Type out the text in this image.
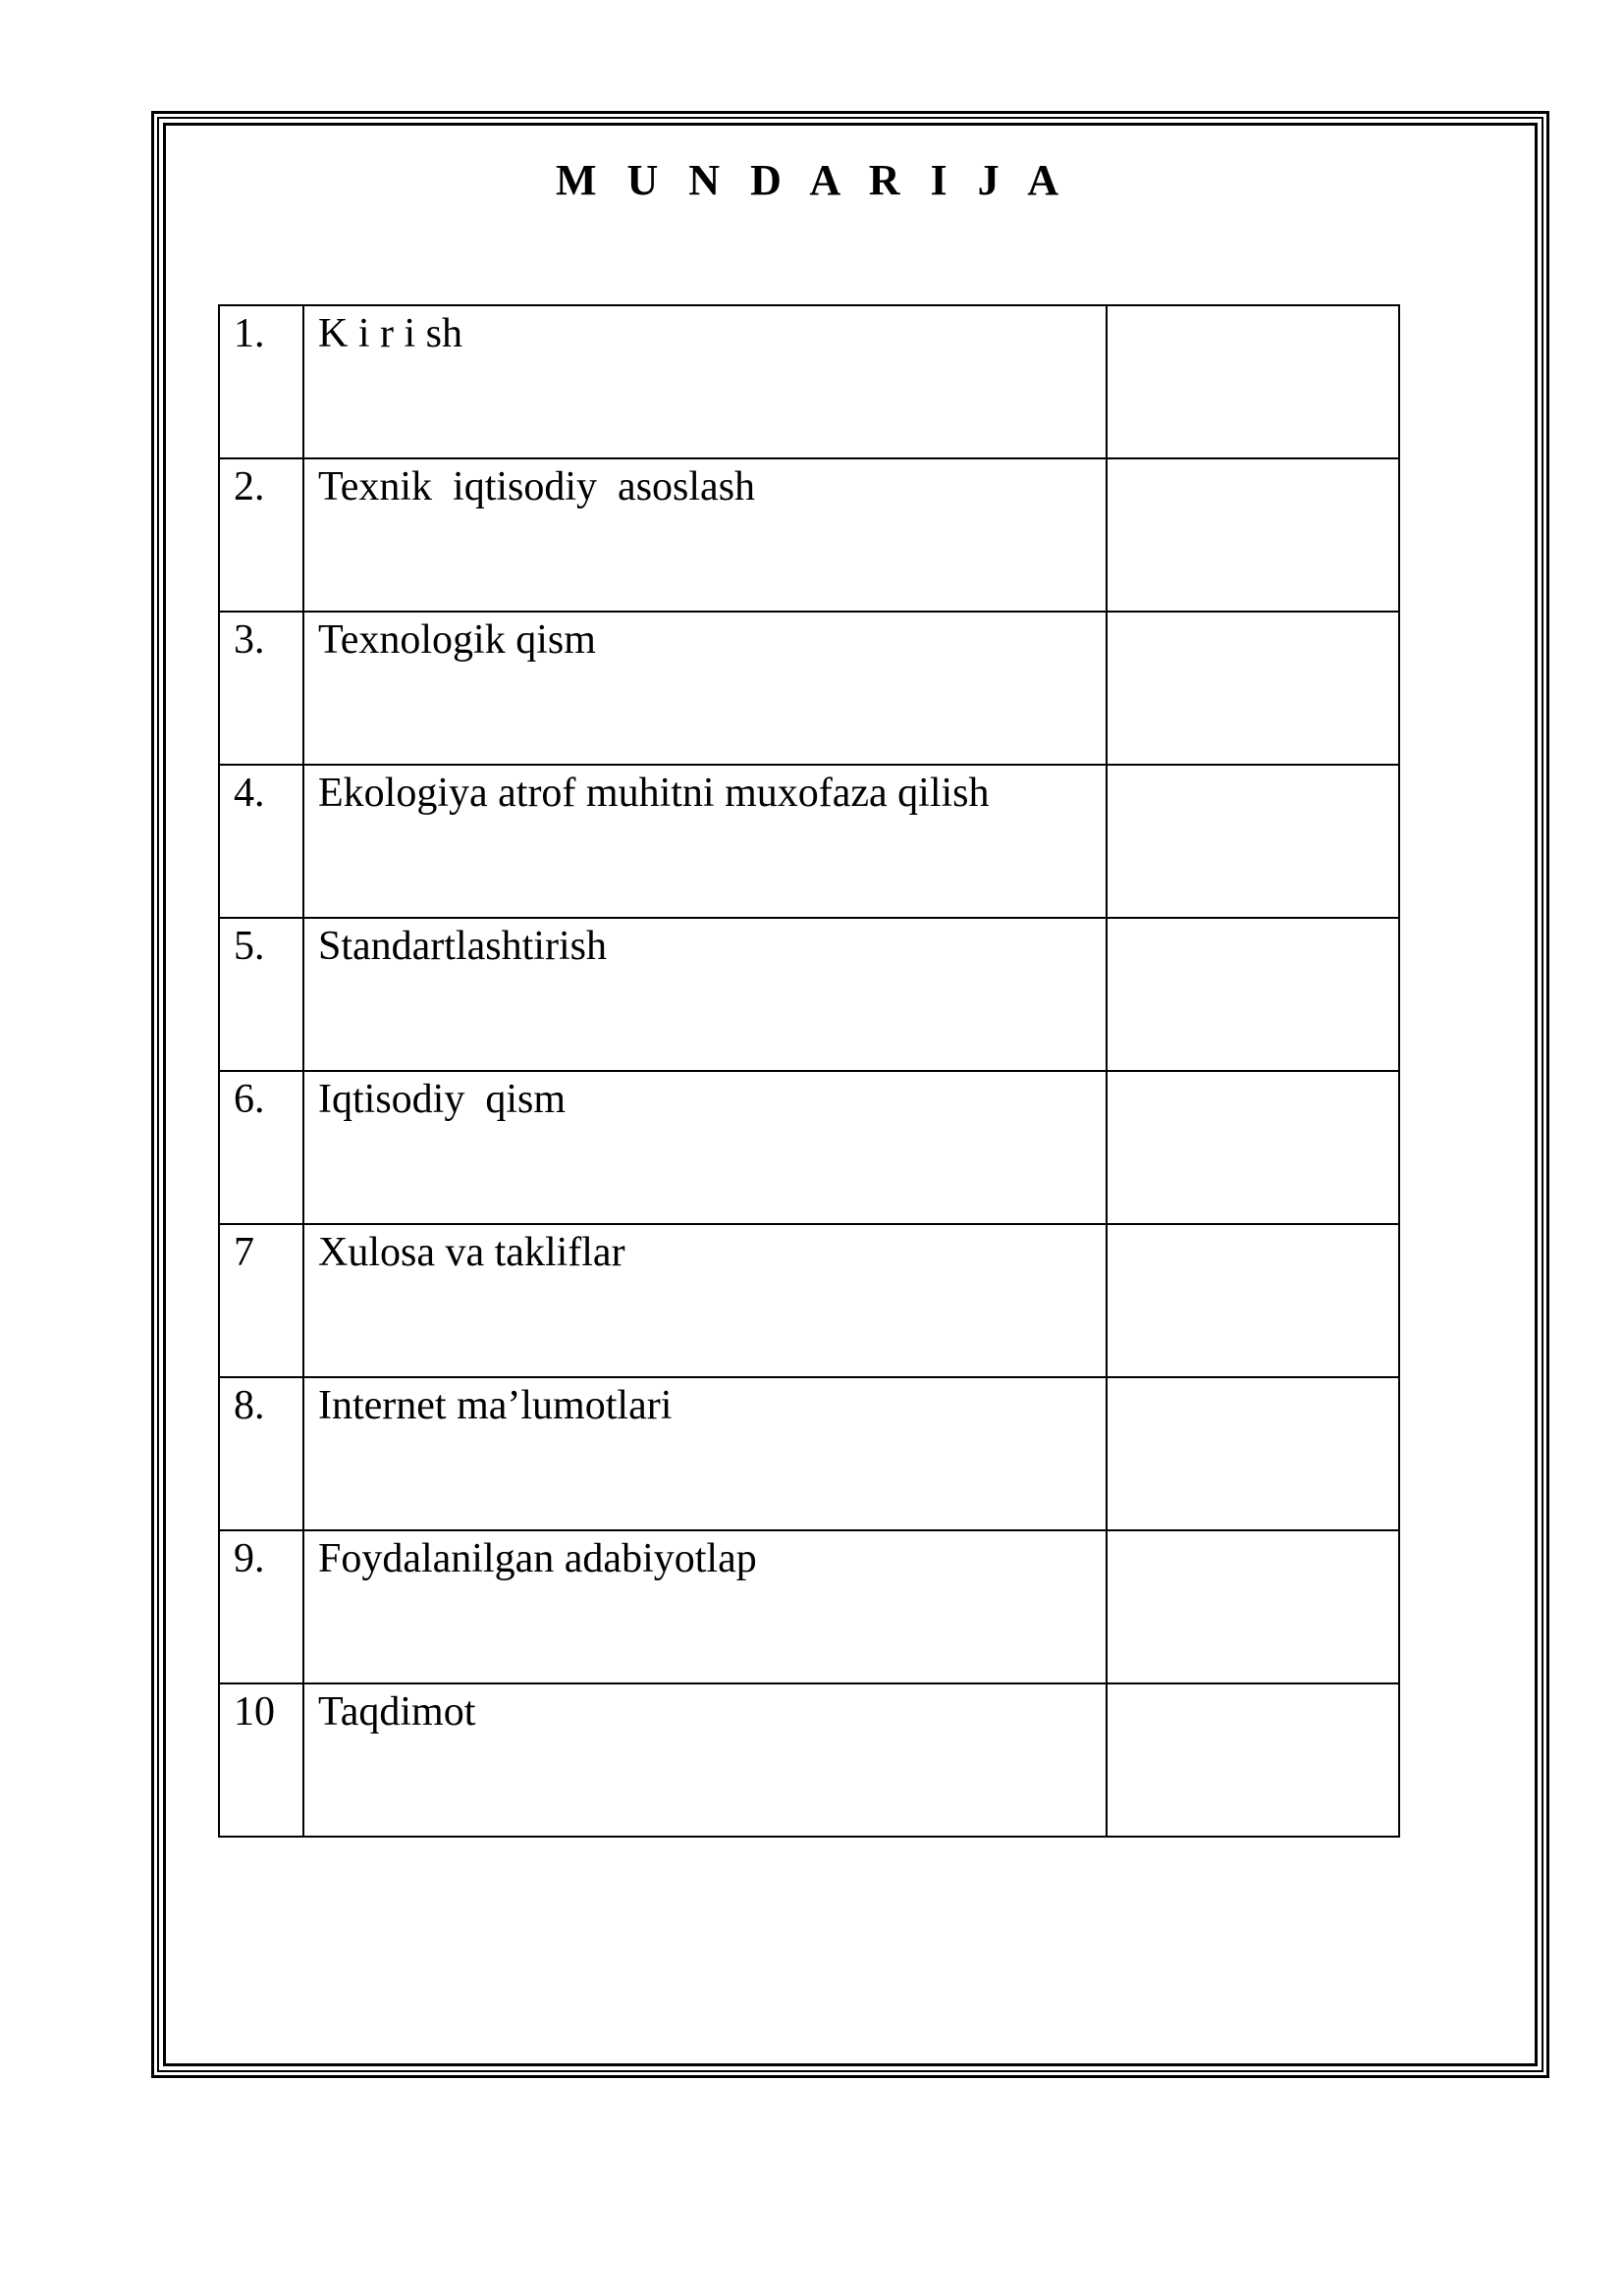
M U N D A R I J A
1.	K i r i sh	

2.	Texnik  iqtisodiy  asoslash	

3.	Texnologik qism	

4.	Ekologiya atrof muhitni muxofaza qilish	

5.	Standartlashtirish	

6.	Iqtisodiy  qism	

7	Xulosa va takliflar	

8.	Internet ma’lumotlari	

9.	Foydalanilgan adabiyotlap	

10	Taqdimot	
